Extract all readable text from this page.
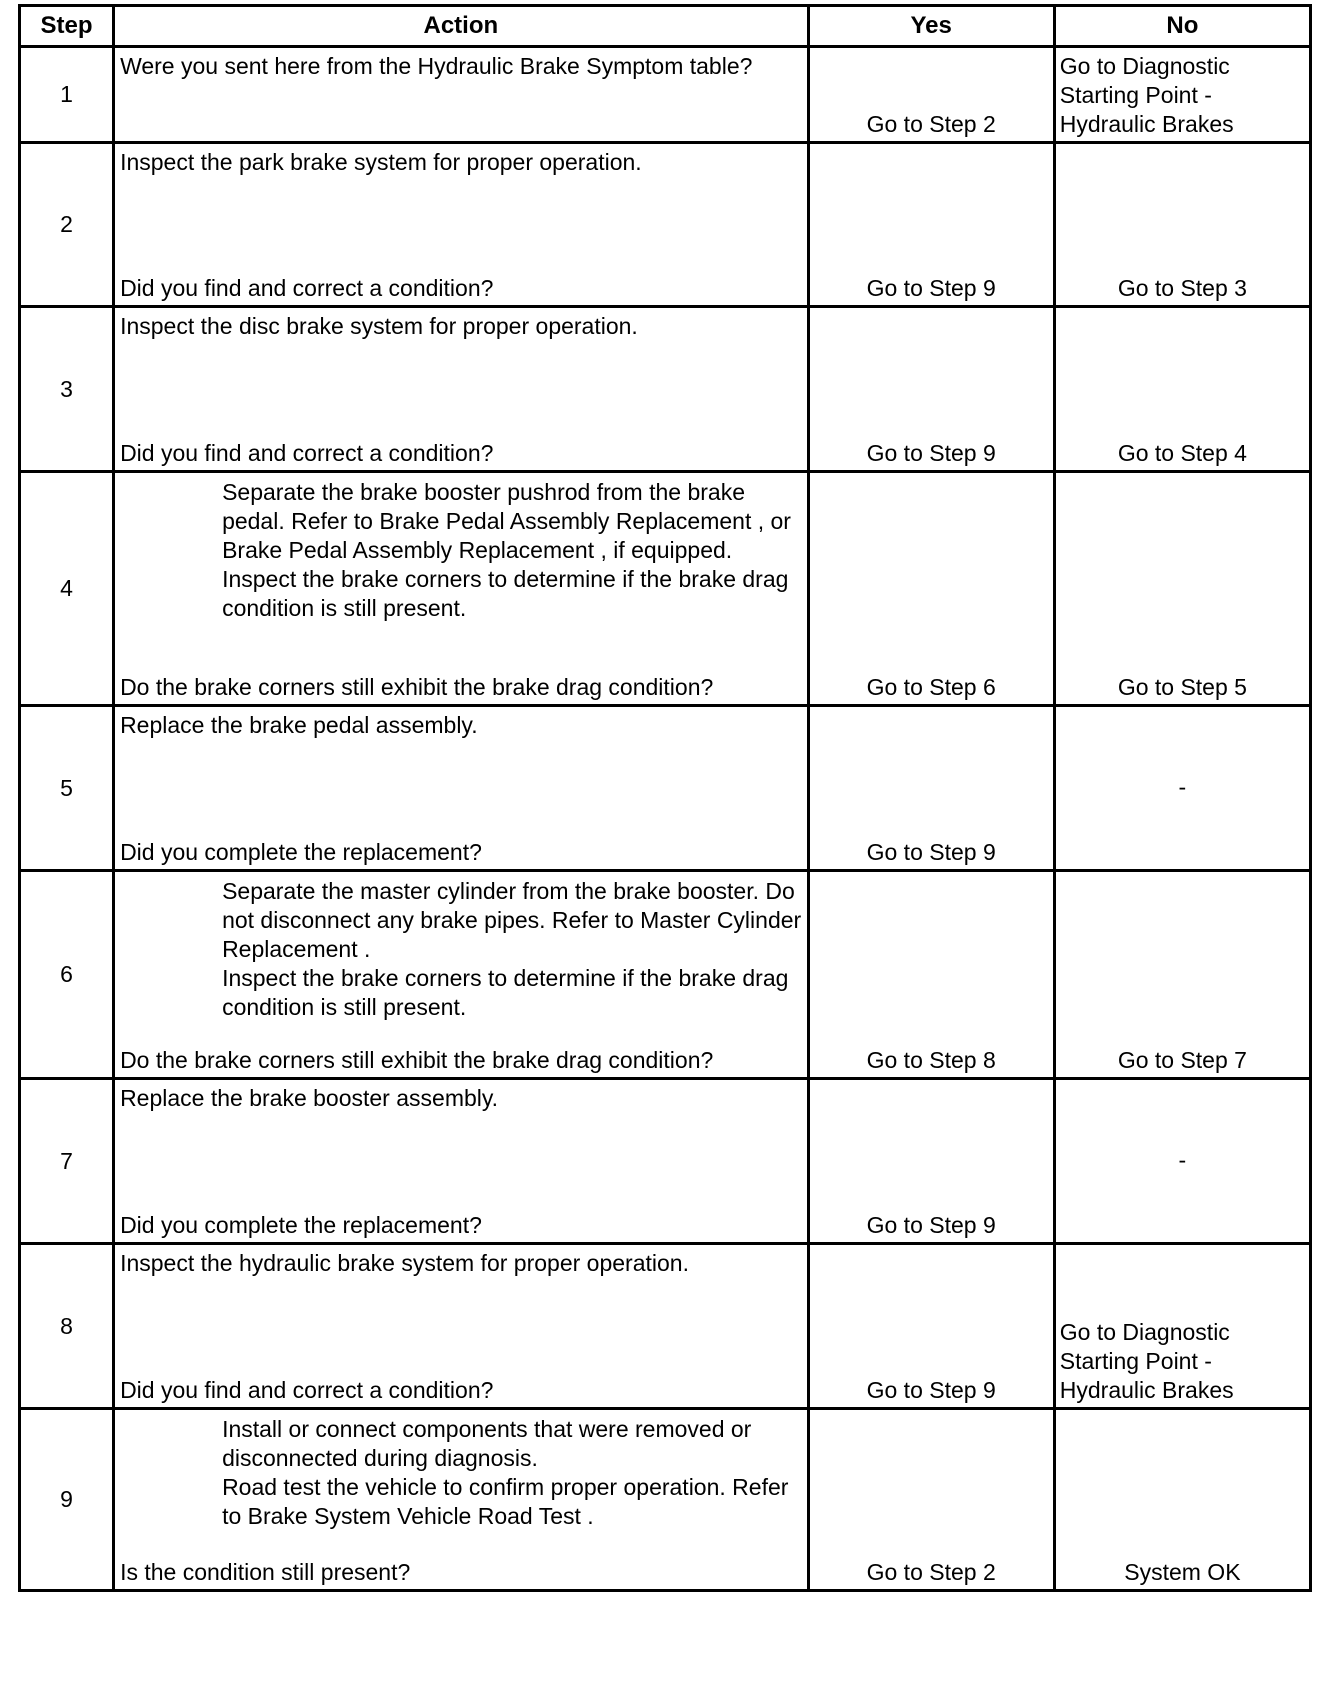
Step	Action	Yes	No
1	Were you sent here from the Hydraulic Brake Symptom table?	Go to Step 2	Go to Diagnostic Starting Point - Hydraulic Brakes
2	Inspect the park brake system for proper operation.
Did you find and correct a condition?	Go to Step 9	Go to Step 3
3	Inspect the disc brake system for proper operation.
Did you find and correct a condition?	Go to Step 9	Go to Step 4
4	Separate the brake booster pushrod from the brake pedal. Refer to Brake Pedal Assembly Replacement , or Brake Pedal Assembly Replacement , if equipped.
Inspect the brake corners to determine if the brake drag condition is still present.
Do the brake corners still exhibit the brake drag condition?	Go to Step 6	Go to Step 5
5	Replace the brake pedal assembly.
Did you complete the replacement?	Go to Step 9	-
6	Separate the master cylinder from the brake booster. Do not disconnect any brake pipes. Refer to Master Cylinder Replacement .
Inspect the brake corners to determine if the brake drag condition is still present.
Do the brake corners still exhibit the brake drag condition?	Go to Step 8	Go to Step 7
7	Replace the brake booster assembly.
Did you complete the replacement?	Go to Step 9	-
8	Inspect the hydraulic brake system for proper operation.
Did you find and correct a condition?	Go to Step 9	Go to Diagnostic Starting Point - Hydraulic Brakes
9	Install or connect components that were removed or disconnected during diagnosis.
Road test the vehicle to confirm proper operation. Refer to Brake System Vehicle Road Test .
Is the condition still present?	Go to Step 2	System OK
